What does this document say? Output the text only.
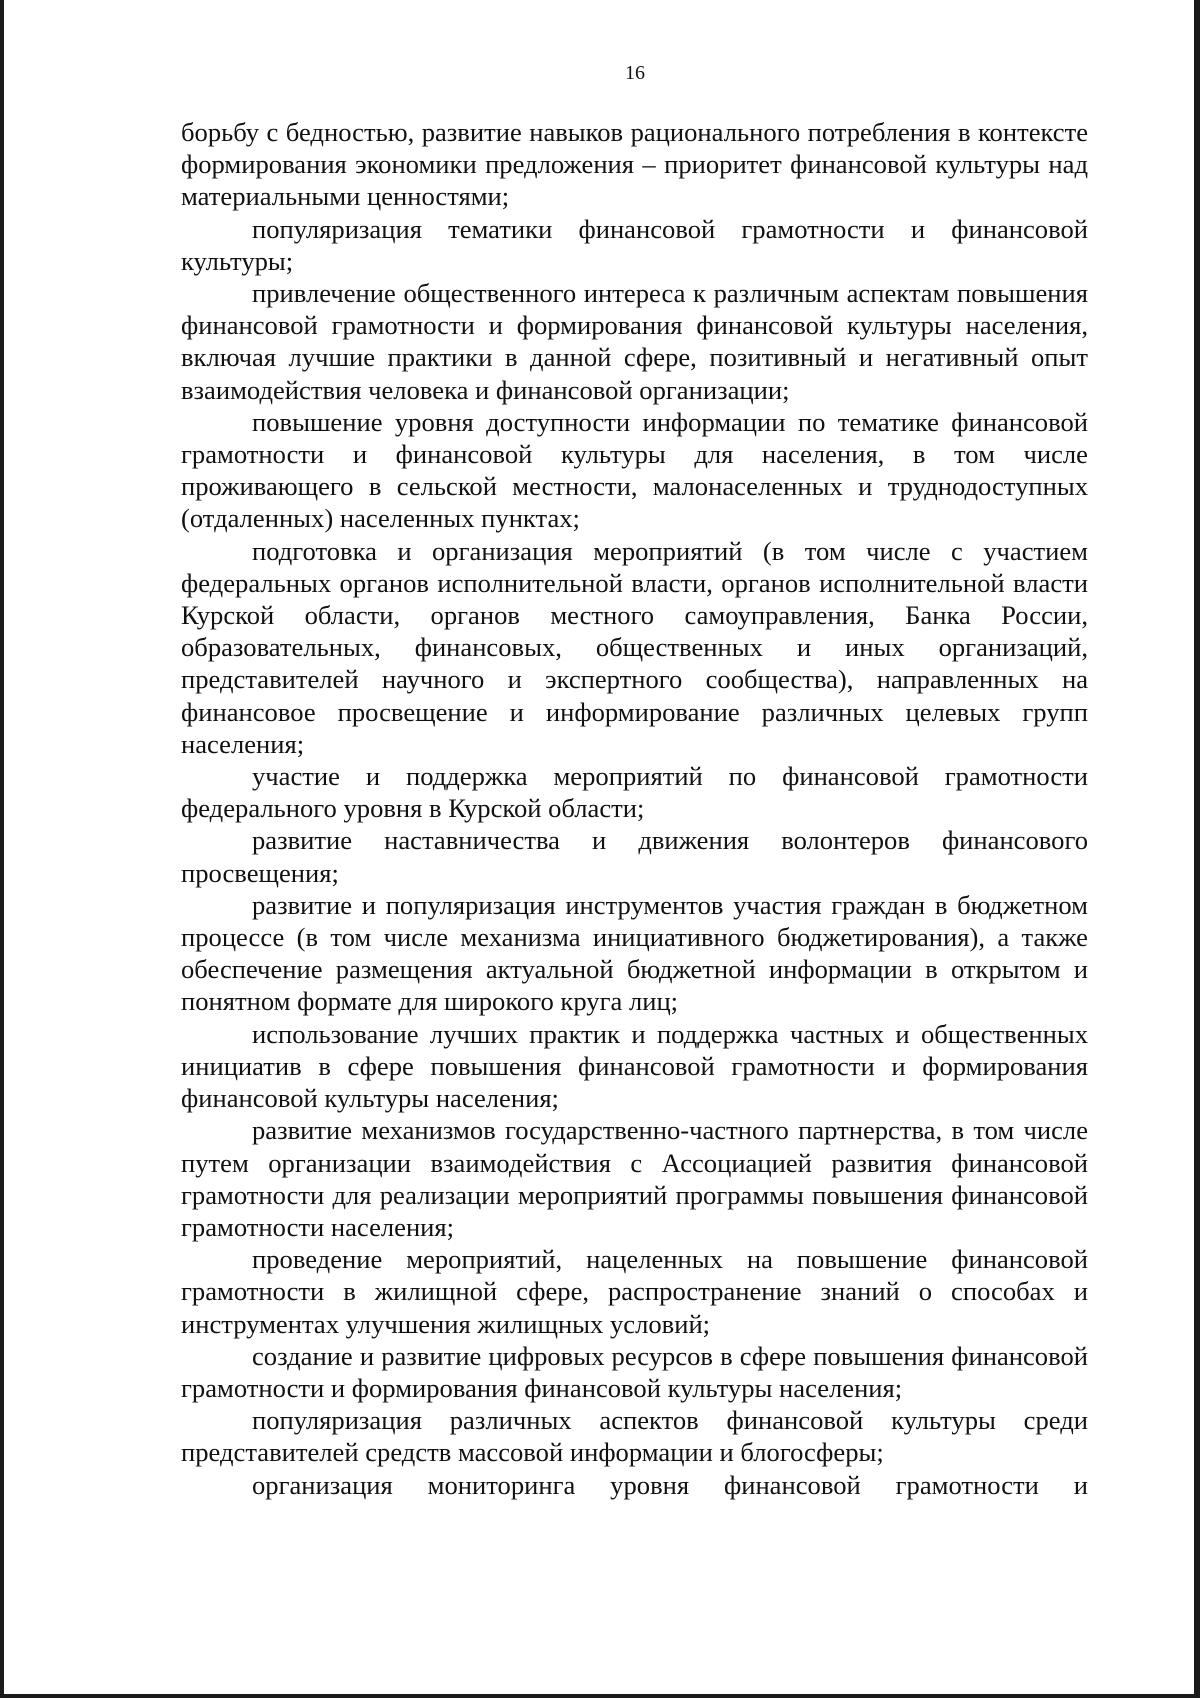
16

борьбу с бедностью, развитие навыков рационального потребления в контексте формирования экономики предложения – приоритет финансовой культуры над материальными ценностями;

популяризация тематики финансовой грамотности и финансовой культуры;

привлечение общественного интереса к различным аспектам повышения финансовой грамотности и формирования финансовой культуры населения, включая лучшие практики в данной сфере, позитивный и негативный опыт взаимодействия человека и финансовой организации;

повышение уровня доступности информации по тематике финансовой грамотности и финансовой культуры для населения, в том числе проживающего в сельской местности, малонаселенных и труднодоступных (отдаленных) населенных пунктах;

подготовка и организация мероприятий (в том числе с участием федеральных органов исполнительной власти, органов исполнительной власти Курской области, органов местного самоуправления, Банка России, образовательных, финансовых, общественных и иных организаций, представителей научного и экспертного сообщества), направленных на финансовое просвещение и информирование различных целевых групп населения;

участие и поддержка мероприятий по финансовой грамотности федерального уровня в Курской области;

развитие наставничества и движения волонтеров финансового просвещения;

развитие и популяризация инструментов участия граждан в бюджетном процессе (в том числе механизма инициативного бюджетирования), а также обеспечение размещения актуальной бюджетной информации в открытом и понятном формате для широкого круга лиц;

использование лучших практик и поддержка частных и общественных инициатив в сфере повышения финансовой грамотности и формирования финансовой культуры населения;

развитие механизмов государственно-частного партнерства, в том числе путем организации взаимодействия с Ассоциацией развития финансовой грамотности для реализации мероприятий программы повышения финансовой грамотности населения;

проведение мероприятий, нацеленных на повышение финансовой грамотности в жилищной сфере, распространение знаний о способах и инструментах улучшения жилищных условий;

создание и развитие цифровых ресурсов в сфере повышения финансовой грамотности и формирования финансовой культуры населения;

популяризация различных аспектов финансовой культуры среди представителей средств массовой информации и блогосферы;

организация мониторинга уровня финансовой грамотности и
